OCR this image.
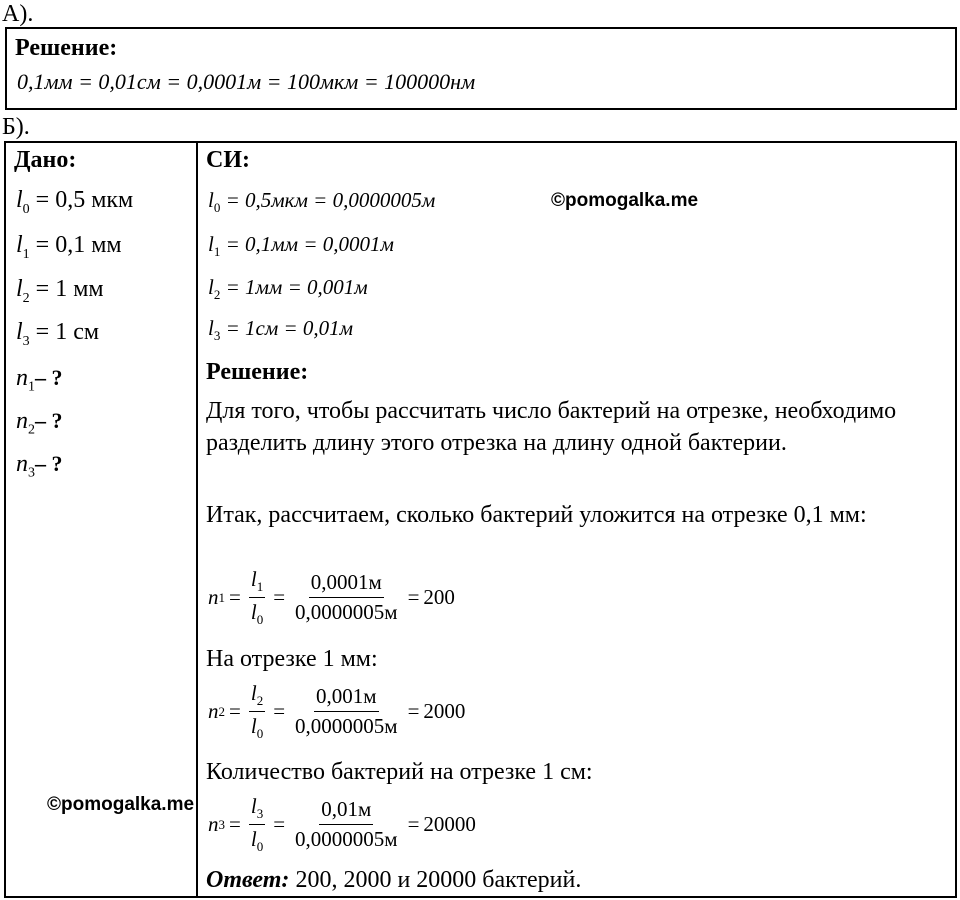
А).
Решение:
0,1мм = 0,01см = 0,0001м = 100мкм = 100000нм
Б).
Дано:
$l_0 = 0,5$ мкм
$l_1 = 0,1$ мм
$l_2 = 1$ мм
$l_3 = 1$ см
$n_1-$ ?
$n_2-$ ?
$n_3-$ ?
СИ:
$l_0 = 0,5мкм = 0,0000005м$
$l_1 = 0,1мм = 0,0001м$
$l_2 = 1мм = 0,001м$
$l_3 = 1см = 0,01м$
Решение:
Для того, чтобы рассчитать число бактерий на отрезке, необходимо разделить длину этого отрезка на длину одной бактерии.
Итак, рассчитаем, сколько бактерий уложится на отрезке 0,1 мм:
n $1 = \frac{l_1}{l_0} = \frac{0,0001м}{0,0000005м} = 200$
На отрезке 1 мм:
n $2 = \frac{l_2}{l_0} = \frac{0,001м}{0,0000005м} = 2000$
Количество бактерий на отрезке 1 см:
n $3 = \frac{l_3}{l_0} = \frac{0,01м}{0,0000005м} = 20000$
Ответ: 200, 2000 и 20000 бактерий.
©pomogalka.me
©pomogalka.me
